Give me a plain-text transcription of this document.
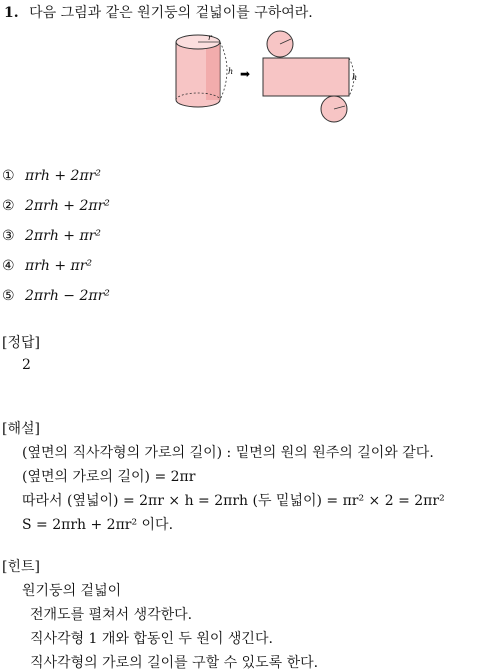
1. 다음 그림과 같은 원기둥의 겉넓이를 구하여라.
r
h ➡	h
① πrh + 2πr²
② 2πrh + 2πr²
③ 2πrh + πr²
④ πrh + πr²
⑤ 2πrh − 2πr²
[정답]
2
[해설]
(옆면의 직사각형의 가로의 길이) : 밑면의 원의 원주의 길이와 같다.
(옆면의 가로의 길이) = 2πr
따라서 (옆넓이) = 2πr × h = 2πrh (두 밑넓이) = πr² × 2 = 2πr²
S = 2πrh + 2πr² 이다.
[힌트]
원기둥의 겉넓이
전개도를 펼쳐서 생각한다.
직사각형 1 개와 합동인 두 원이 생긴다.
직사각형의 가로의 길이를 구할 수 있도록 한다.
